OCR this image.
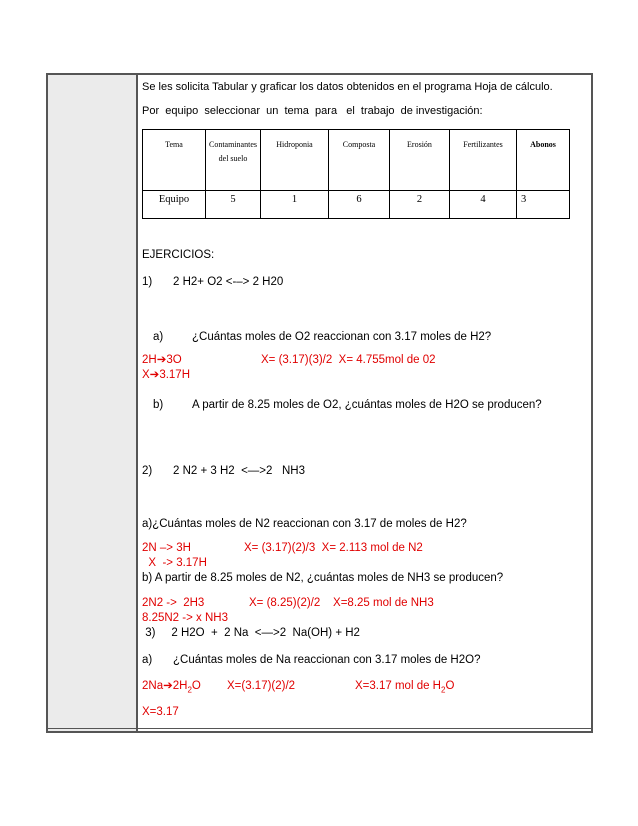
Se les solicita Tabular y graficar los datos obtenidos en el programa Hoja de cálculo.
Por  equipo  seleccionar  un  tema  para   el  trabajo  de investigación:
Tema	Contaminantes del suelo	Hidroponia	Composta	Erosión	Fertilizantes	Abonos
Equipo	5	1	6	2	4	3
EJERCICIOS:
1) 2 H2+ O2 <-–> 2 H20
a)	¿Cuántas moles de O2 reaccionan con 3.17 moles de H2?
2H➔3O	X= (3.17)(3)/2  X= 4.755mol de 02
X➔3.17H
b)	A partir de 8.25 moles de O2, ¿cuántas moles de H2O se producen?
2) 2 N2 + 3 H2  <—>2   NH3
a)¿Cuántas moles de N2 reaccionan con 3.17 de moles de H2?
2N –> 3H	X= (3.17)(2)/3  X= 2.113 mol de N2
X  -> 3.17H
b) A partir de 8.25 moles de N2, ¿cuántas moles de NH3 se producen?
2N2 ->  2H3	X= (8.25)(2)/2    X=8.25 mol de NH3
8.25N2 -> x NH3
3)     2 H2O  +  2 Na  <—>2  Na(OH) + H2
a) ¿Cuántas moles de Na reaccionan con 3.17 moles de H2O?
$2Na➔2H_2O$ X=(3.17)(2)/2	X=3.17 mol de $H_2O$
X=3.17
